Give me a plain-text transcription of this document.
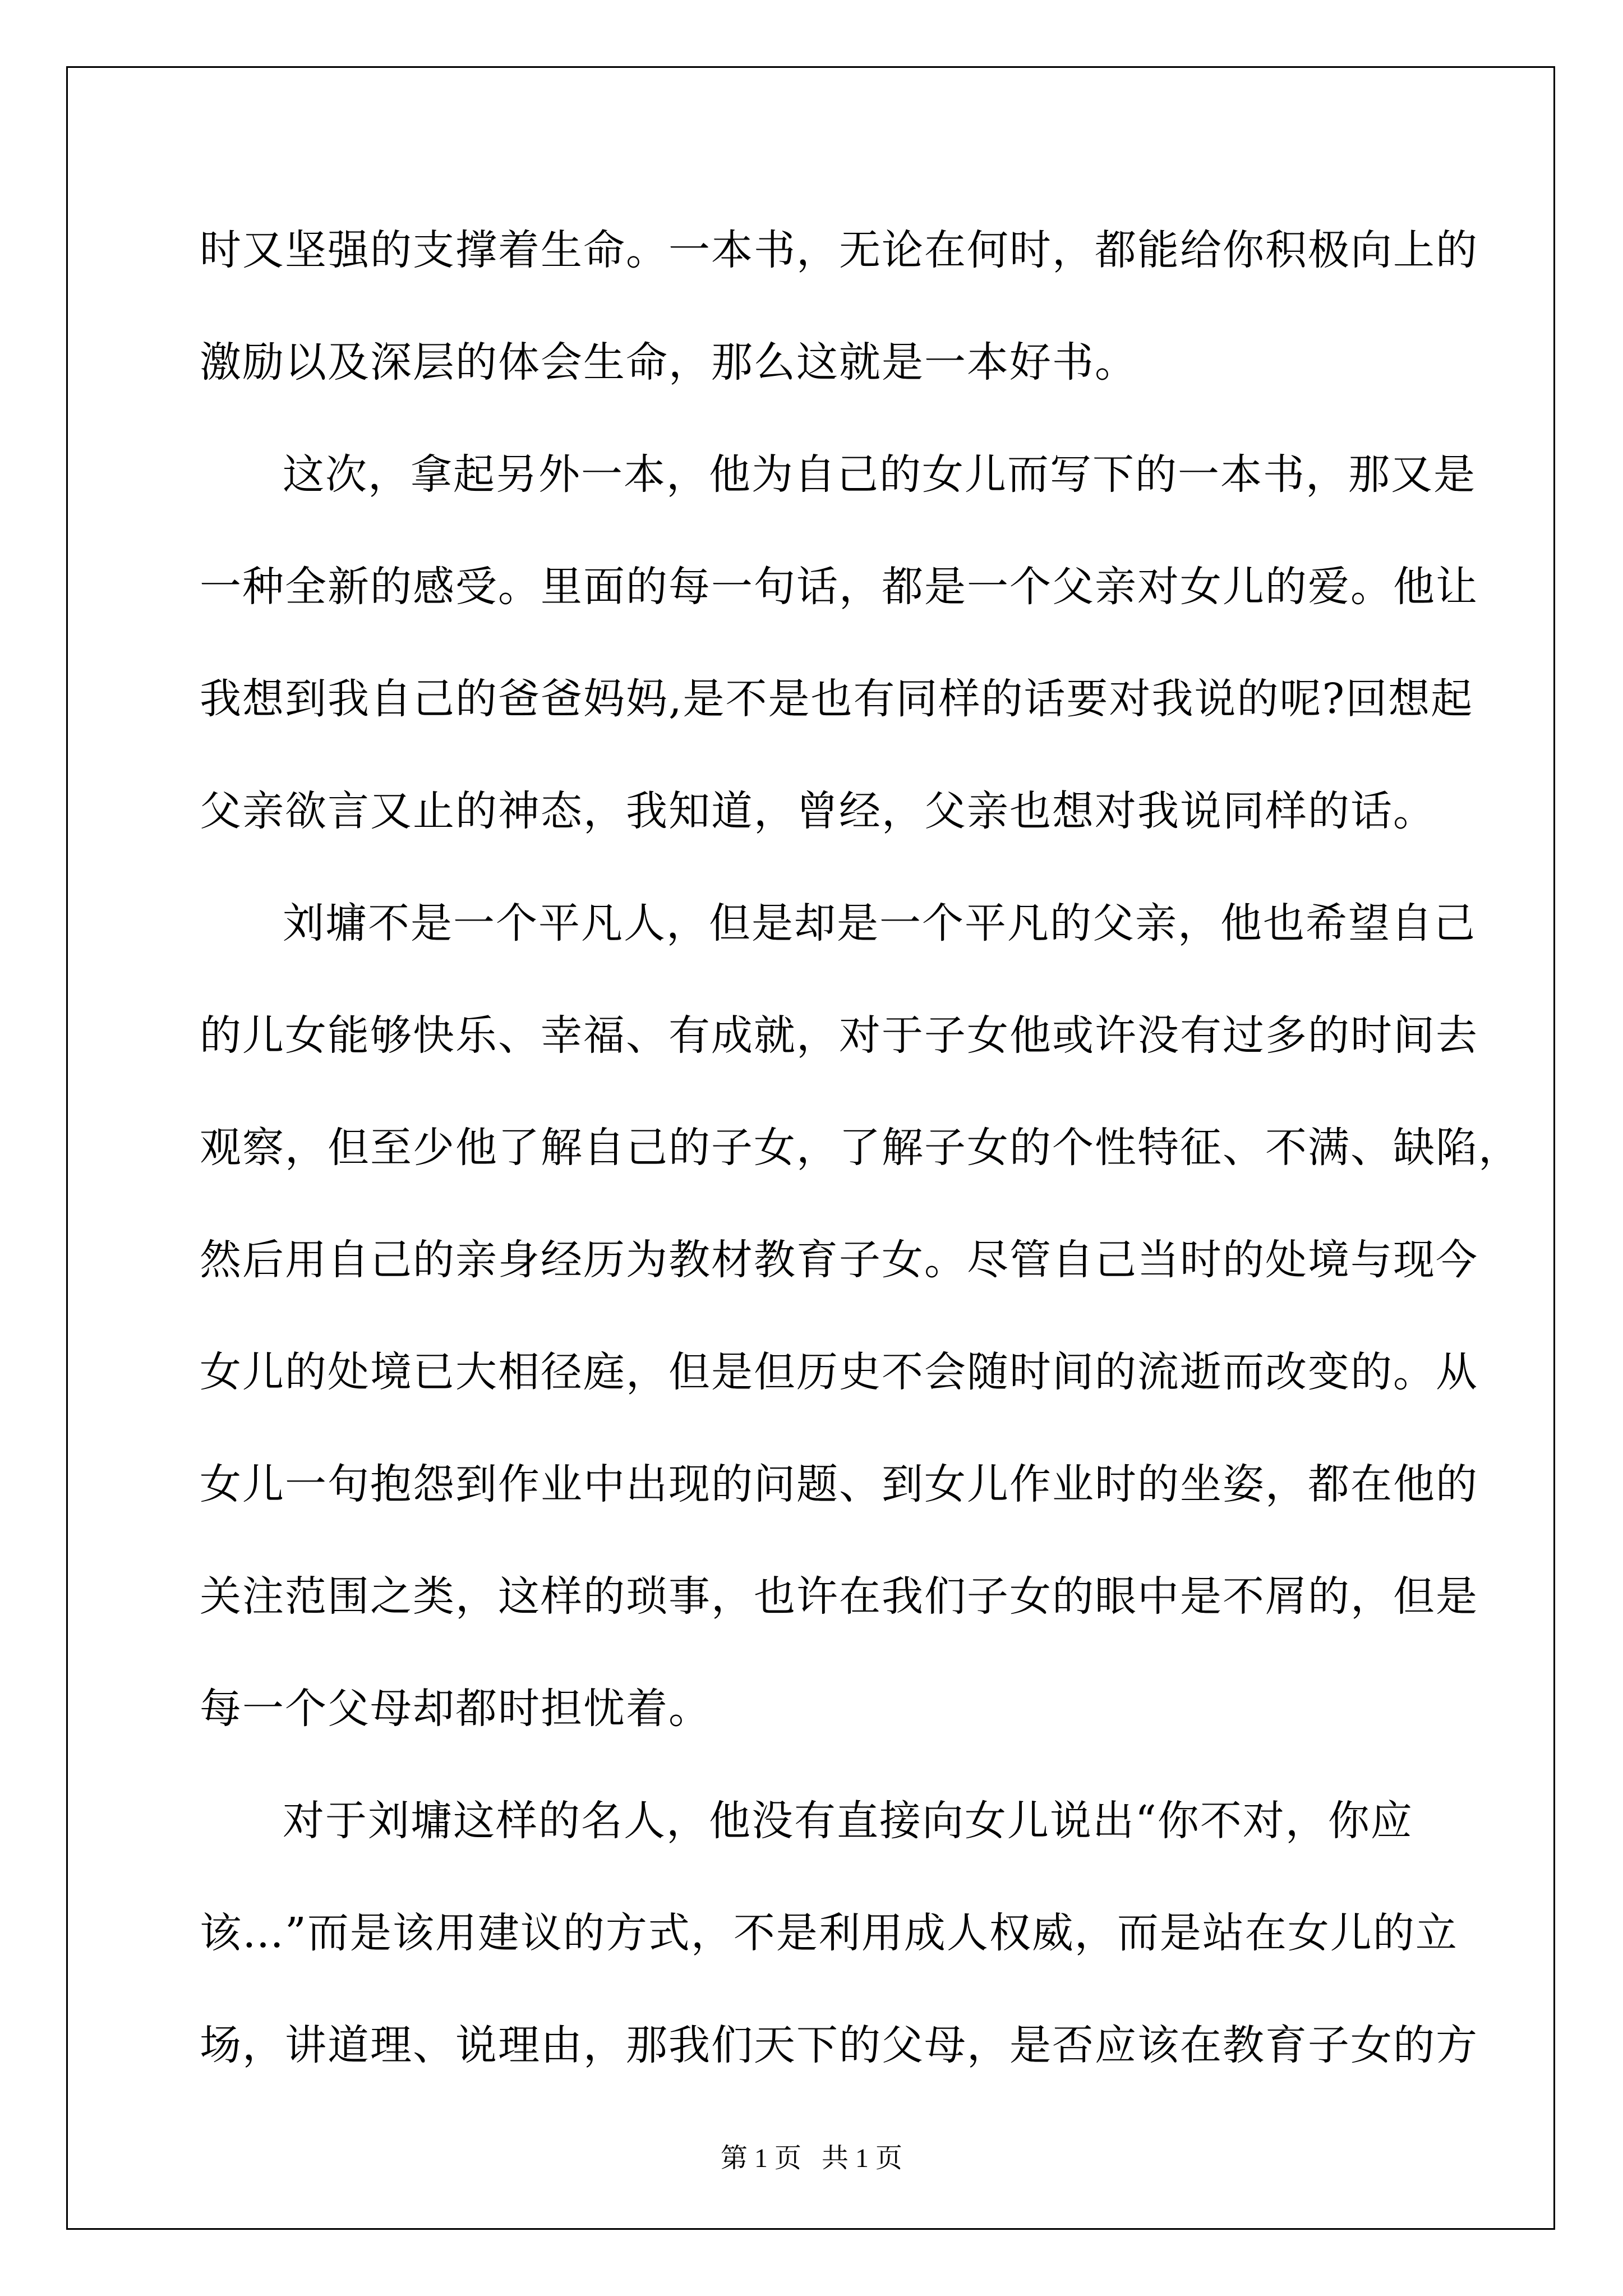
时又坚强的支撑着生命。一本书，无论在何时，都能给你积极向上的
激励以及深层的体会生命，那么这就是一本好书。
这次，拿起另外一本，他为自己的女儿而写下的一本书，那又是
一种全新的感受。里面的每一句话，都是一个父亲对女儿的爱。他让
我想到我自己的爸爸妈妈,是不是也有同样的话要对我说的呢?回想起
父亲欲言又止的神态，我知道，曾经，父亲也想对我说同样的话。
刘墉不是一个平凡人，但是却是一个平凡的父亲，他也希望自己
的儿女能够快乐、幸福、有成就，对于子女他或许没有过多的时间去
观察，但至少他了解自己的子女，了解子女的个性特征、不满、缺陷，
然后用自己的亲身经历为教材教育子女。尽管自己当时的处境与现今
女儿的处境已大相径庭，但是但历史不会随时间的流逝而改变的。从
女儿一句抱怨到作业中出现的问题、到女儿作业时的坐姿，都在他的
关注范围之类，这样的琐事，也许在我们子女的眼中是不屑的，但是
每一个父母却都时担忧着。
对于刘墉这样的名人，他没有直接向女儿说出“你不对，你应
该…”而是该用建议的方式，不是利用成人权威，而是站在女儿的立
场，讲道理、说理由，那我们天下的父母，是否应该在教育子女的方
第 1 页   共 1 页
